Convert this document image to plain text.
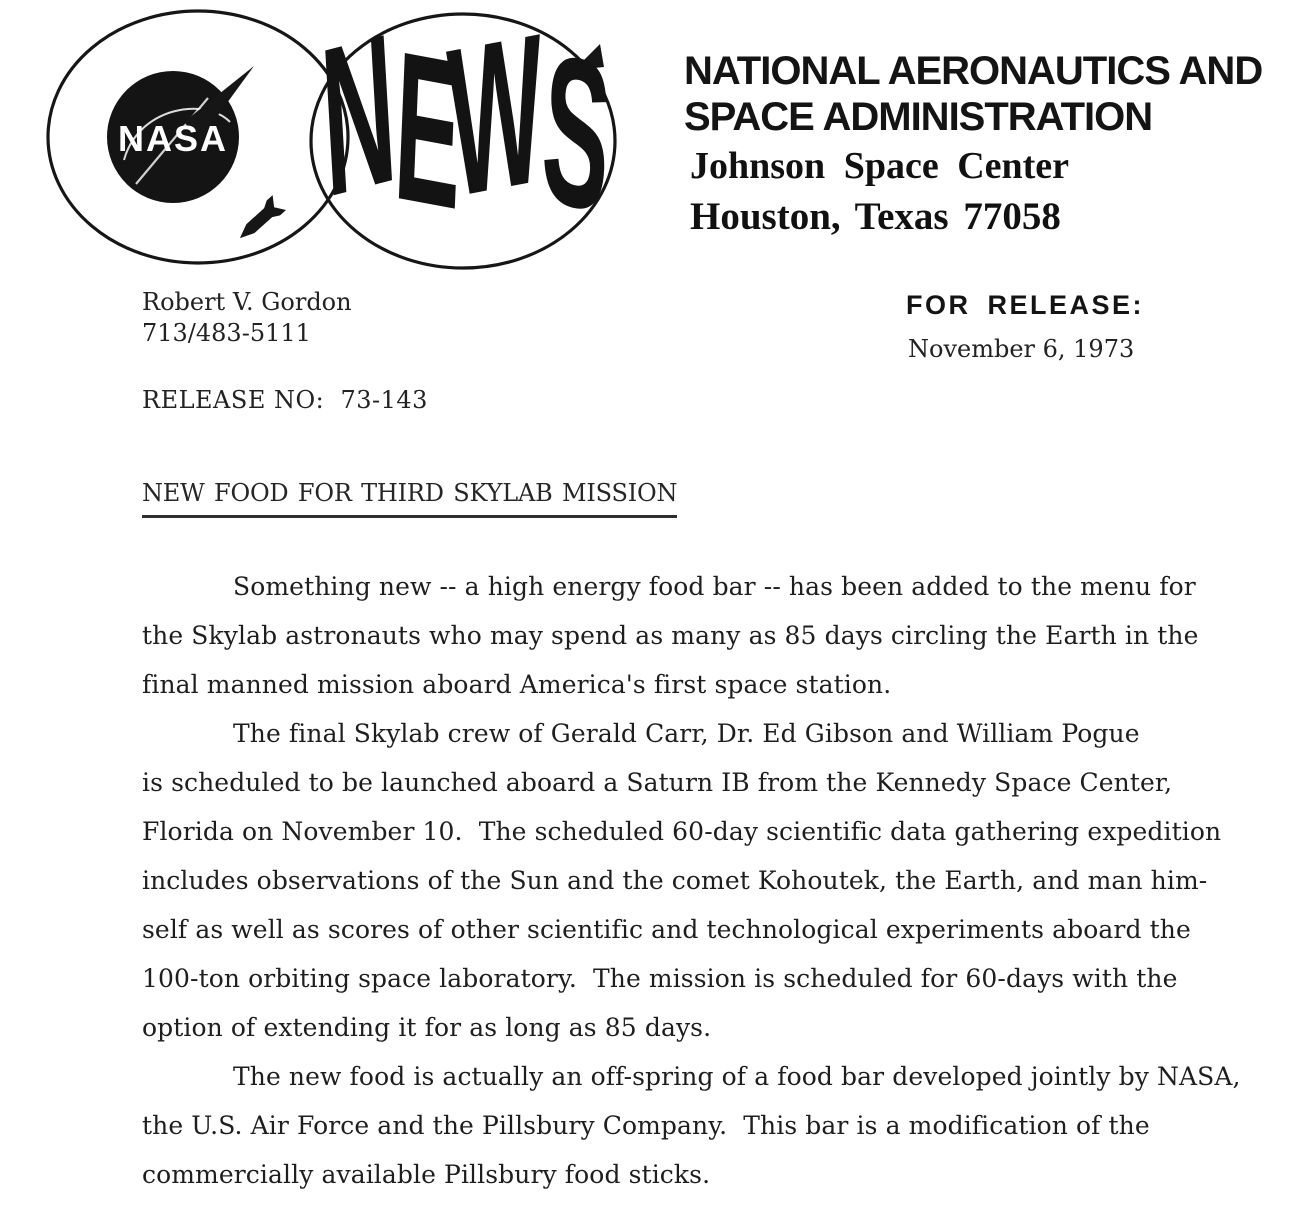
NASA NEWS NATIONAL AERONAUTICS AND
SPACE ADMINISTRATION
Johnson Space Center
Houston, Texas 77058
Robert V. Gordon
713/483-5111
FOR RELEASE:
November 6, 1973
RELEASE NO:  73-143
NEW FOOD FOR THIRD SKYLAB MISSION
Something new -- a high energy food bar -- has been added to the menu for
the Skylab astronauts who may spend as many as 85 days circling the Earth in the
final manned mission aboard America's first space station.
The final Skylab crew of Gerald Carr, Dr. Ed Gibson and William Pogue
is scheduled to be launched aboard a Saturn IB from the Kennedy Space Center,
Florida on November 10.  The scheduled 60-day scientific data gathering expedition
includes observations of the Sun and the comet Kohoutek, the Earth, and man him-
self as well as scores of other scientific and technological experiments aboard the
100-ton orbiting space laboratory.  The mission is scheduled for 60-days with the
option of extending it for as long as 85 days.
The new food is actually an off-spring of a food bar developed jointly by NASA,
the U.S. Air Force and the Pillsbury Company.  This bar is a modification of the
commercially available Pillsbury food sticks.
